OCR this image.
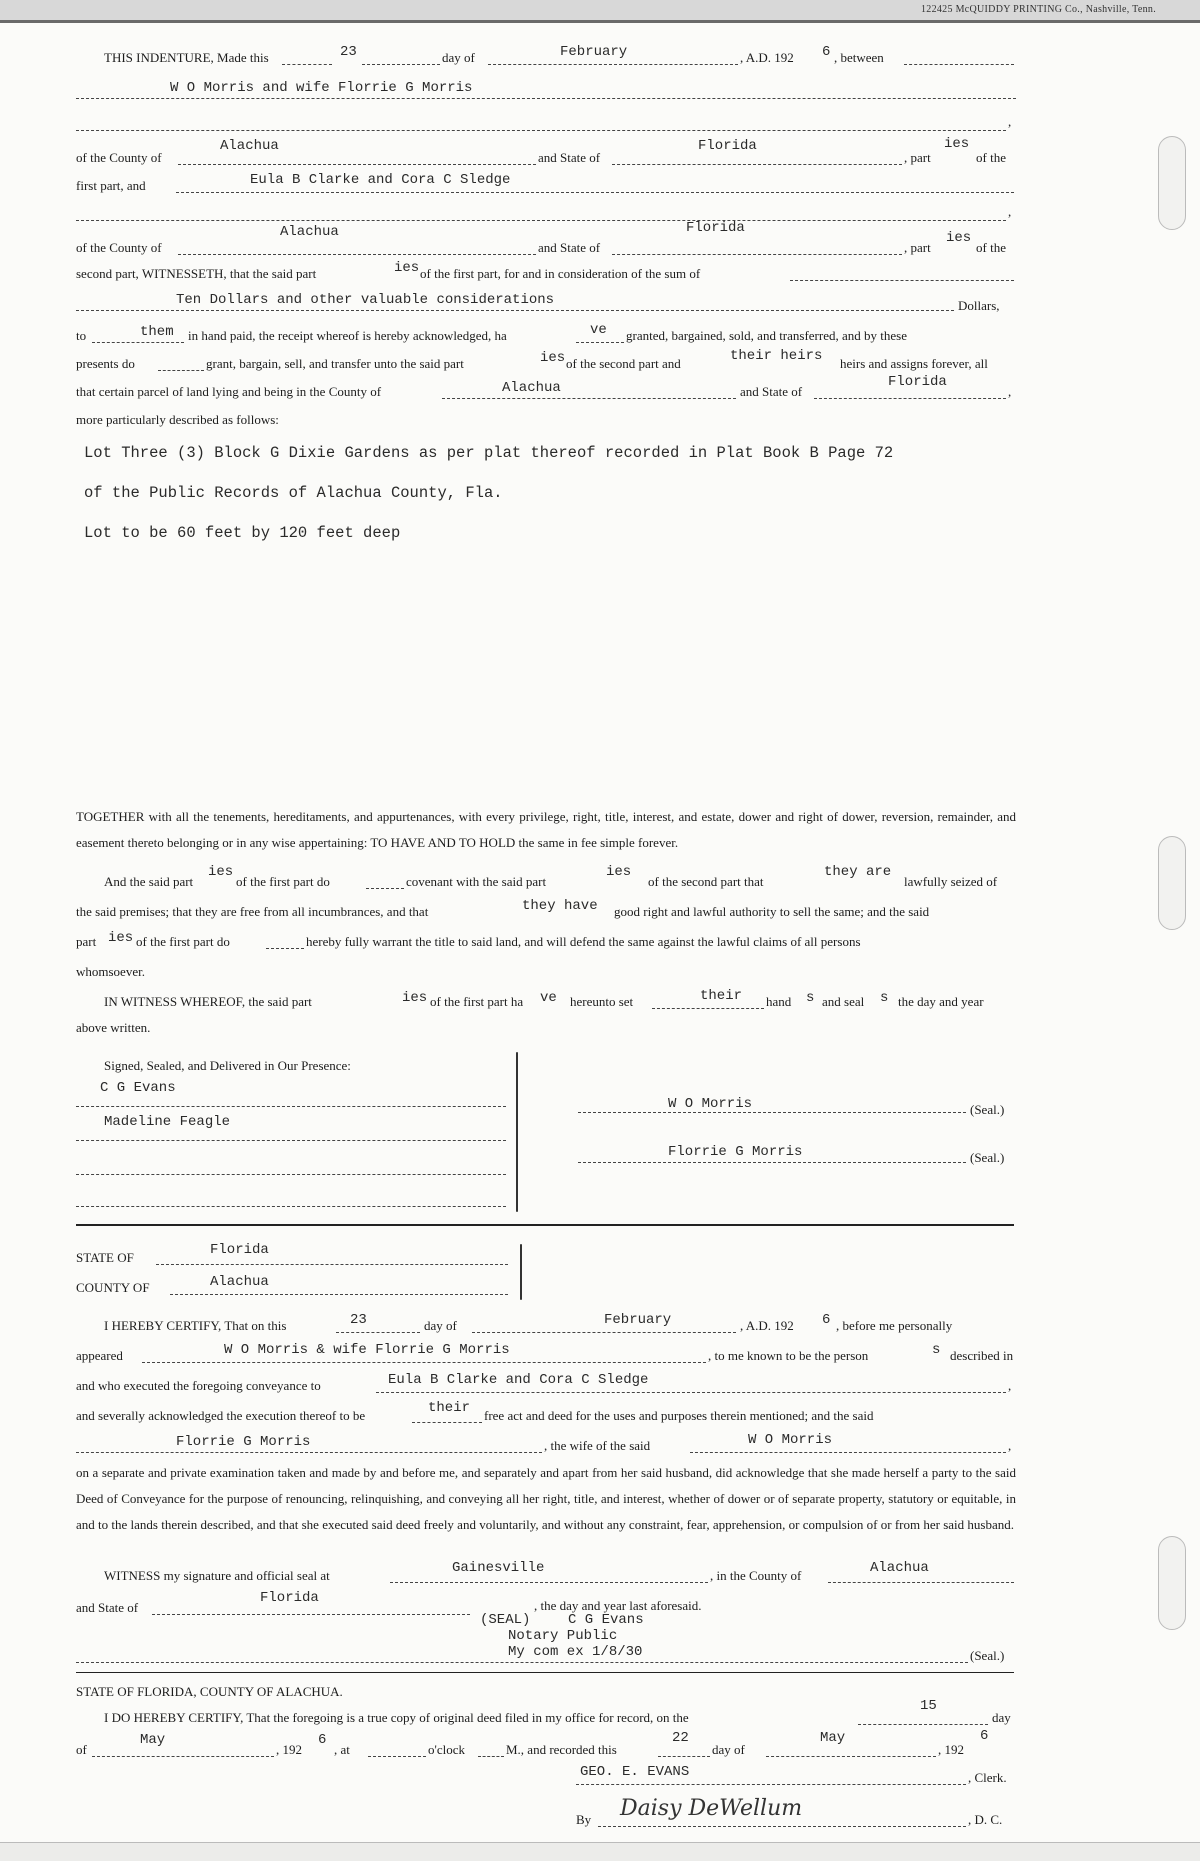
122425 McQUIDDY PRINTING Co., Nashville, Tenn.
THIS INDENTURE, Made this	23	day of	February	, A.D. 192 6 , between
W O Morris and wife Florrie G Morris
,
of the County of
Alachua
and State of
Florida
, part
ies
of the
first part, and	Eula B Clarke and Cora C Sledge
,
of the County of
Alachua
and State of
Florida
, part
ies
of the
second part, WITNESSETH, that the said part	ies of the first part, for and in consideration of the sum of
Ten Dollars and other valuable considerations	Dollars,
to	them in hand paid, the receipt whereof is hereby acknowledged, ha	ve granted, bargained, sold, and transferred, and by these
presents do	grant, bargain, sell, and transfer unto the said part	ies of the second part and	their heirs heirs and assigns forever, all
that certain parcel of land lying and being in the County of	Alachua	and State of
Florida
,
more particularly described as follows:
Lot Three (3) Block G Dixie Gardens as per plat thereof recorded in Plat Book B Page 72
of the Public Records of Alachua County, Fla.
Lot to be 60 feet by 120 feet deep
TOGETHER with all the tenements, hereditaments, and appurtenances, with every privilege, right, title, interest, and estate, dower and right of dower, reversion, remainder, and easement thereto belonging or in any wise appertaining: TO HAVE AND TO HOLD the same in fee simple forever.
And the said part
ies
of the first part do	covenant with the said part
ies
of the second part that
they are
lawfully seized of
the said premises; that they are free from all incumbrances, and that	they have good right and lawful authority to sell the same; and the said
part ies of the first part do	hereby fully warrant the title to said land, and will defend the same against the lawful claims of all persons
whomsoever.
IN WITNESS WHEREOF, the said part	ies of the first part ha ve hereunto set	their hand s and seal s the day and year
above written.
Signed, Sealed, and Delivered in Our Presence:
C G Evans
Madeline Feagle
W O Morris	(Seal.)
Florrie G Morris	(Seal.)
STATE OF	Florida
COUNTY OF	Alachua
I HEREBY CERTIFY, That on this	23	day of	February	, A.D. 192 6 , before me personally
appeared	W O Morris & wife Florrie G Morris	, to me known to be the person	s described in
and who executed the foregoing conveyance to	Eula B Clarke and Cora C Sledge	,
and severally acknowledged the execution thereof to be	their free act and deed for the uses and purposes therein mentioned; and the said
Florrie G Morris	, the wife of the said	W O Morris	,
on a separate and private examination taken and made by and before me, and separately and apart from her said husband, did acknowledge that she made herself a party to the said Deed of Conveyance for the purpose of renouncing, relinquishing, and conveying all her right, title, and interest, whether of dower or of separate property, statutory or equitable, in and to the lands therein described, and that she executed said deed freely and voluntarily, and without any constraint, fear, apprehension, or compulsion of or from her said husband.
WITNESS my signature and official seal at	Gainesville	, in the County of	Alachua
and State of
Florida	, the day and year last aforesaid.
(SEAL)	C G Evans
Notary Public
My com ex 1/8/30	(Seal.)
STATE OF FLORIDA, COUNTY OF ALACHUA.
I DO HEREBY CERTIFY, That the foregoing is a true copy of original deed filed in my office for record, on the
15
day
of
May
, 192
6
, at	o'clock	M., and recorded this
22
day of
May
, 192
6
GEO. E. EVANS	, Clerk.
By Daisy DeWellum	, D. C.
